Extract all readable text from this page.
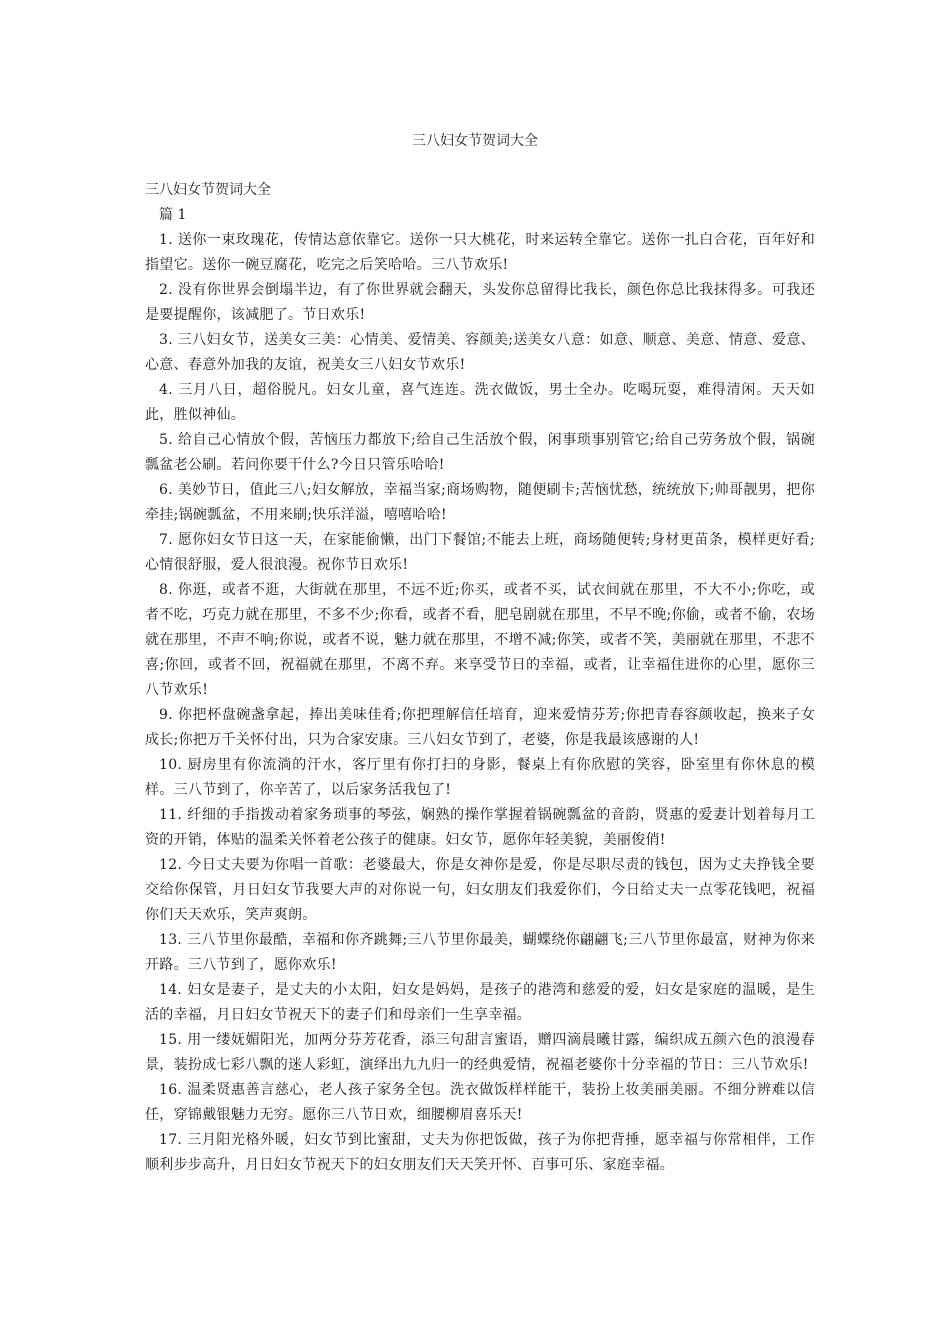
三八妇女节贺词大全

三八妇女节贺词大全

篇 1

1. 送你一束玫瑰花，传情达意依靠它。送你一只大桃花，时来运转全靠它。送你一扎白合花，百年好和指望它。送你一碗豆腐花，吃完之后笑哈哈。三八节欢乐!

2. 没有你世界会倒塌半边，有了你世界就会翻天，头发你总留得比我长，颜色你总比我抹得多。可我还是要提醒你，该减肥了。节日欢乐!

3. 三八妇女节，送美女三美：心情美、爱情美、容颜美;送美女八意：如意、顺意、美意、情意、爱意、心意、春意外加我的友谊，祝美女三八妇女节欢乐!

4. 三月八日，超俗脱凡。妇女儿童，喜气连连。洗衣做饭，男士全办。吃喝玩耍，难得清闲。天天如此，胜似神仙。

5. 给自己心情放个假，苦恼压力都放下;给自己生活放个假，闲事琐事别管它;给自己劳务放个假，锅碗瓢盆老公刷。若问你要干什么?今日只管乐哈哈!

6. 美妙节日，值此三八;妇女解放，幸福当家;商场购物，随便刷卡;苦恼忧愁，统统放下;帅哥靓男，把你牵挂;锅碗瓢盆，不用来刷;快乐洋溢，嘻嘻哈哈!

7. 愿你妇女节日这一天，在家能偷懒，出门下餐馆;不能去上班，商场随便转;身材更苗条，模样更好看;心情很舒服，爱人很浪漫。祝你节日欢乐!

8. 你逛，或者不逛，大街就在那里，不远不近;你买，或者不买，试衣间就在那里，不大不小;你吃，或者不吃，巧克力就在那里，不多不少;你看，或者不看，肥皂剧就在那里，不早不晚;你偷，或者不偷，农场就在那里，不声不响;你说，或者不说，魅力就在那里，不增不减;你笑，或者不笑，美丽就在那里，不悲不喜;你回，或者不回，祝福就在那里，不离不弃。来享受节日的幸福，或者，让幸福住进你的心里，愿你三八节欢乐!

9. 你把杯盘碗盏拿起，捧出美味佳肴;你把理解信任培育，迎来爱情芬芳;你把青春容颜收起，换来子女成长;你把万千关怀付出，只为合家安康。三八妇女节到了，老婆，你是我最该感谢的人!

10. 厨房里有你流淌的汗水，客厅里有你打扫的身影，餐桌上有你欣慰的笑容，卧室里有你休息的模样。三八节到了，你辛苦了，以后家务活我包了!

11. 纤细的手指拨动着家务琐事的琴弦，娴熟的操作掌握着锅碗瓢盆的音韵，贤惠的爱妻计划着每月工资的开销，体贴的温柔关怀着老公孩子的健康。妇女节，愿你年轻美貌，美丽俊俏!

12. 今日丈夫要为你唱一首歌：老婆最大，你是女神你是爱，你是尽职尽责的钱包，因为丈夫挣钱全要交给你保管，月日妇女节我要大声的对你说一句，妇女朋友们我爱你们，今日给丈夫一点零花钱吧，祝福你们天天欢乐，笑声爽朗。

13. 三八节里你最酷，幸福和你齐跳舞;三八节里你最美，蝴蝶绕你翩翩飞;三八节里你最富，财神为你来开路。三八节到了，愿你欢乐!

14. 妇女是妻子，是丈夫的小太阳，妇女是妈妈，是孩子的港湾和慈爱的爱，妇女是家庭的温暖，是生活的幸福，月日妇女节祝天下的妻子们和母亲们一生享幸福。

15. 用一缕妩媚阳光，加两分芬芳花香，添三句甜言蜜语，赠四滴晨曦甘露，编织成五颜六色的浪漫春景，装扮成七彩八飘的迷人彩虹，演绎出九九归一的经典爱情，祝福老婆你十分幸福的节日：三八节欢乐!

16. 温柔贤惠善言慈心，老人孩子家务全包。洗衣做饭样样能干，装扮上妆美丽美丽。不细分辨难以信任，穿锦戴银魅力无穷。愿你三八节日欢，细腰柳眉喜乐天!

17. 三月阳光格外暖，妇女节到比蜜甜，丈夫为你把饭做，孩子为你把背捶，愿幸福与你常相伴，工作顺利步步高升，月日妇女节祝天下的妇女朋友们天天笑开怀、百事可乐、家庭幸福。
